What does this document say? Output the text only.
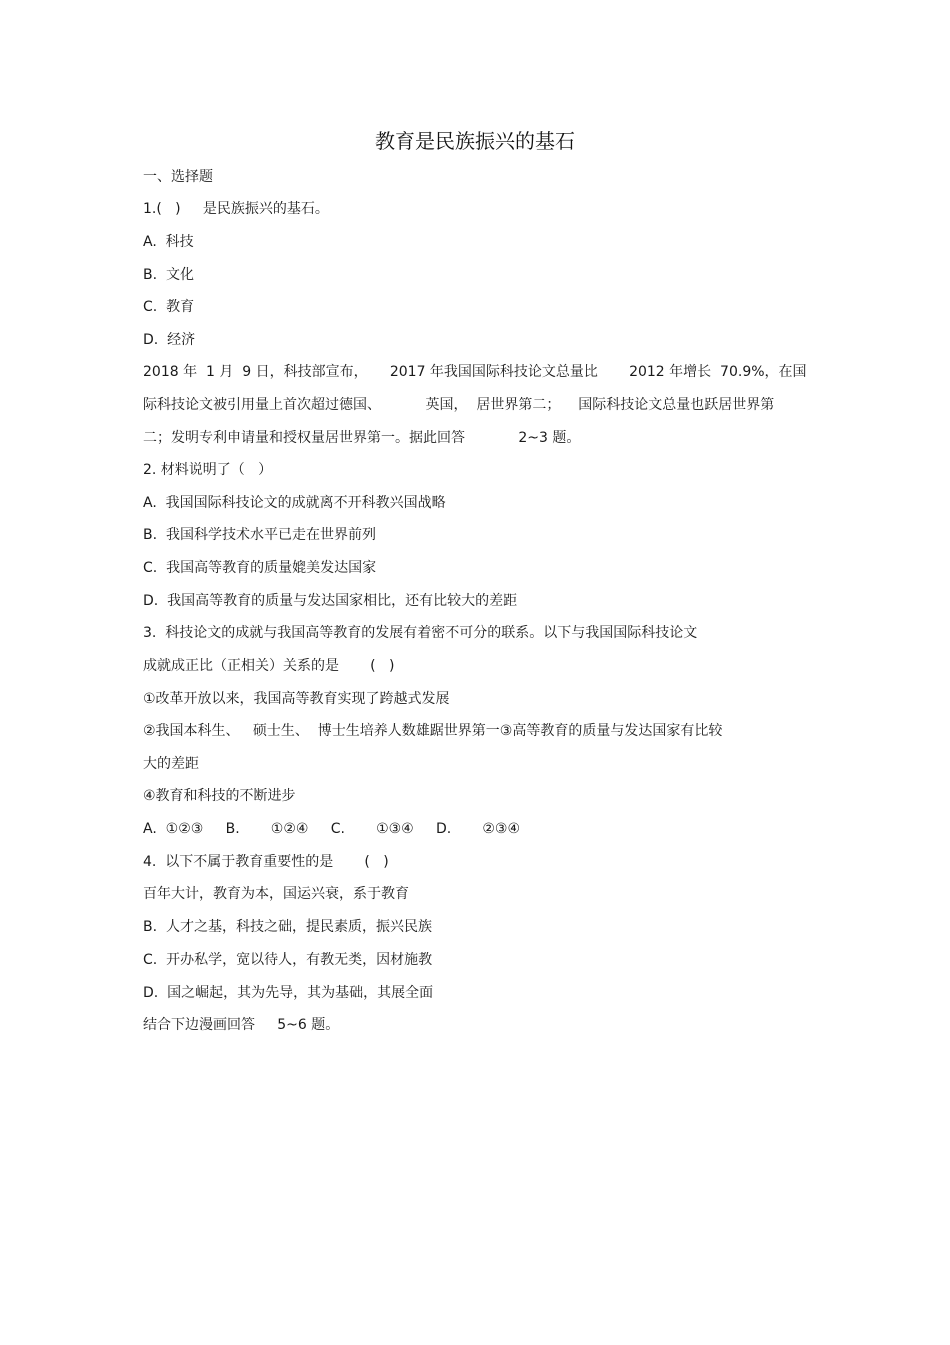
教育是民族振兴的基石
一、选择题
1.(   )     是民族振兴的基石。
A.  科技
B.  文化
C.  教育
D.  经济
2018 年  1 月  9 日，科技部宣布，     2017 年我国国际科技论文总量比       2012 年增长  70.9%，在国
际科技论文被引用量上首次超过德国、          英国，  居世界第二；    国际科技论文总量也跃居世界第
二；发明专利申请量和授权量居世界第一。据此回答            2~3 题。
2. 材料说明了（   ）
A.  我国国际科技论文的成就离不开科教兴国战略
B.  我国科学技术水平已走在世界前列
C.  我国高等教育的质量媲美发达国家
D.  我国高等教育的质量与发达国家相比，还有比较大的差距
3.  科技论文的成就与我国高等教育的发展有着密不可分的联系。以下与我国国际科技论文
成就成正比（正相关）关系的是       (   )
①改革开放以来，我国高等教育实现了跨越式发展
②我国本科生、   硕士生、  博士生培养人数雄踞世界第一③高等教育的质量与发达国家有比较
大的差距
④教育和科技的不断进步
A.  ①②③     B.       ①②④     C.       ①③④     D.       ②③④
4.  以下不属于教育重要性的是       (   )
百年大计，教育为本，国运兴衰，系于教育
B.  人才之基，科技之础，提民素质，振兴民族
C.  开办私学，宽以待人，有教无类，因材施教
D.  国之崛起，其为先导，其为基础，其展全面
结合下边漫画回答     5~6 题。
